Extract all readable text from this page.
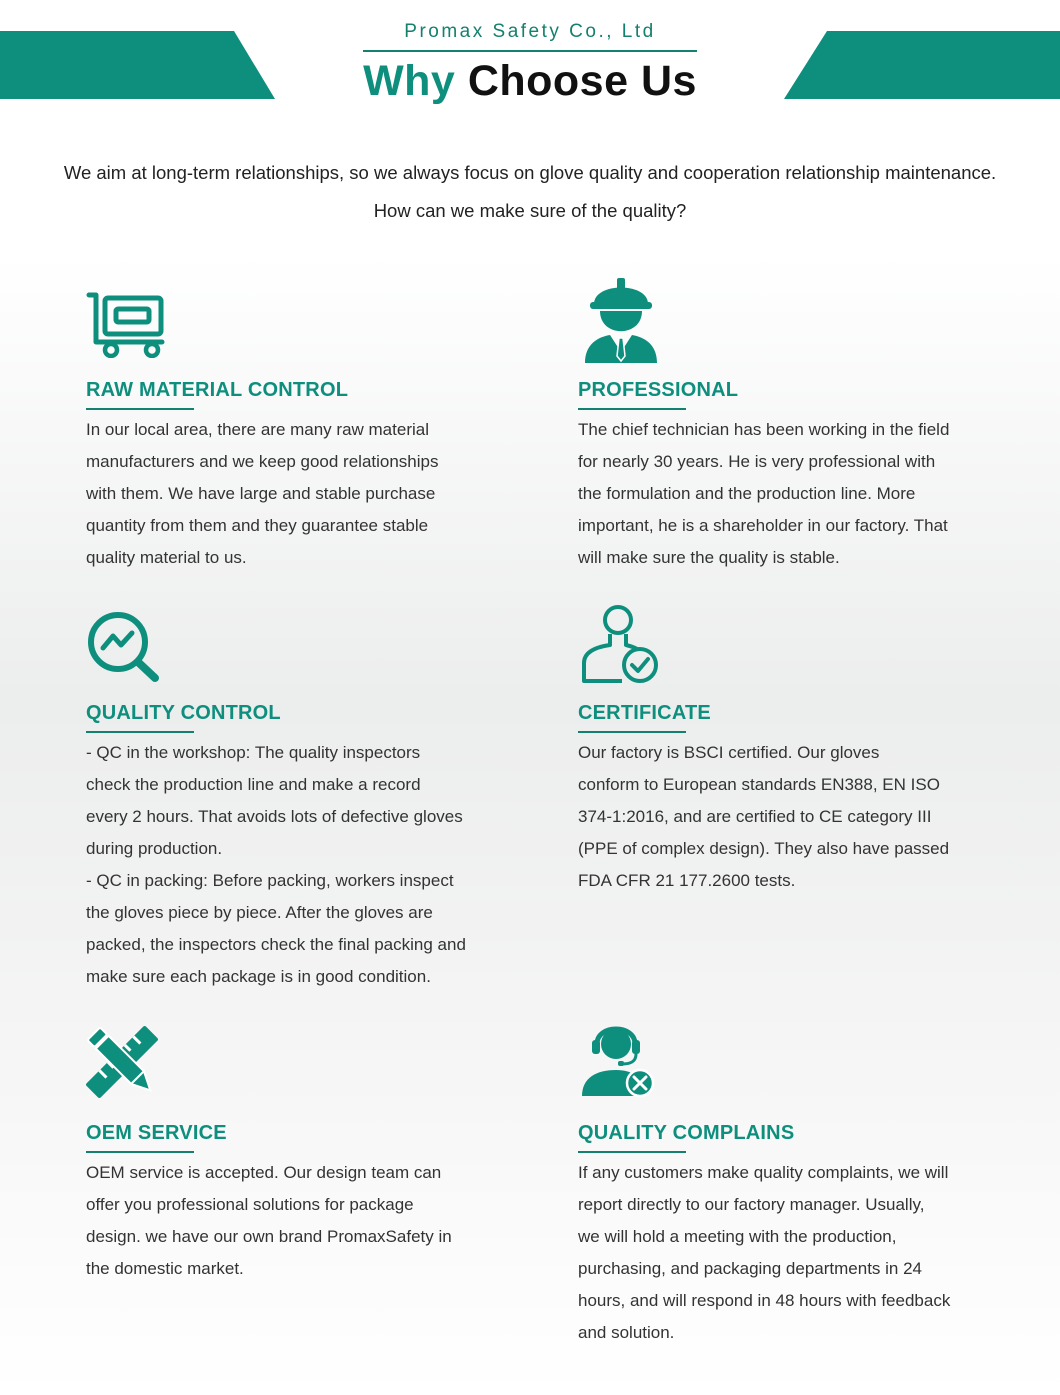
Promax Safety Co., Ltd
Why Choose Us

We aim at long-term relationships, so we always focus on glove quality and cooperation relationship maintenance.

How can we make sure of the quality?

RAW MATERIAL CONTROL
In our local area, there are many raw material
manufacturers and we keep good relationships
with them. We have large and stable purchase
quantity from them and they guarantee stable
quality material to us.
PROFESSIONAL
The chief technician has been working in the field
for nearly 30 years. He is very professional with
the formulation and the production line. More
important, he is a shareholder in our factory. That
will make sure the quality is stable.
QUALITY CONTROL
- QC in the workshop: The quality inspectors
check the production line and make a record
every 2 hours. That avoids lots of defective gloves
during production.
- QC in packing: Before packing, workers inspect
the gloves piece by piece. After the gloves are
packed, the inspectors check the final packing and
make sure each package is in good condition.
CERTIFICATE
Our factory is BSCI certified. Our gloves
conform to European standards EN388, EN ISO
374-1:2016, and are certified to CE category III
(PPE of complex design). They also have passed
FDA CFR 21 177.2600 tests.
OEM SERVICE
OEM service is accepted. Our design team can
offer you professional solutions for package
design. we have our own brand PromaxSafety in
the domestic market.
QUALITY COMPLAINS
If any customers make quality complaints, we will
report directly to our factory manager. Usually,
we will hold a meeting with the production,
purchasing, and packaging departments in 24
hours, and will respond in 48 hours with feedback
and solution.
